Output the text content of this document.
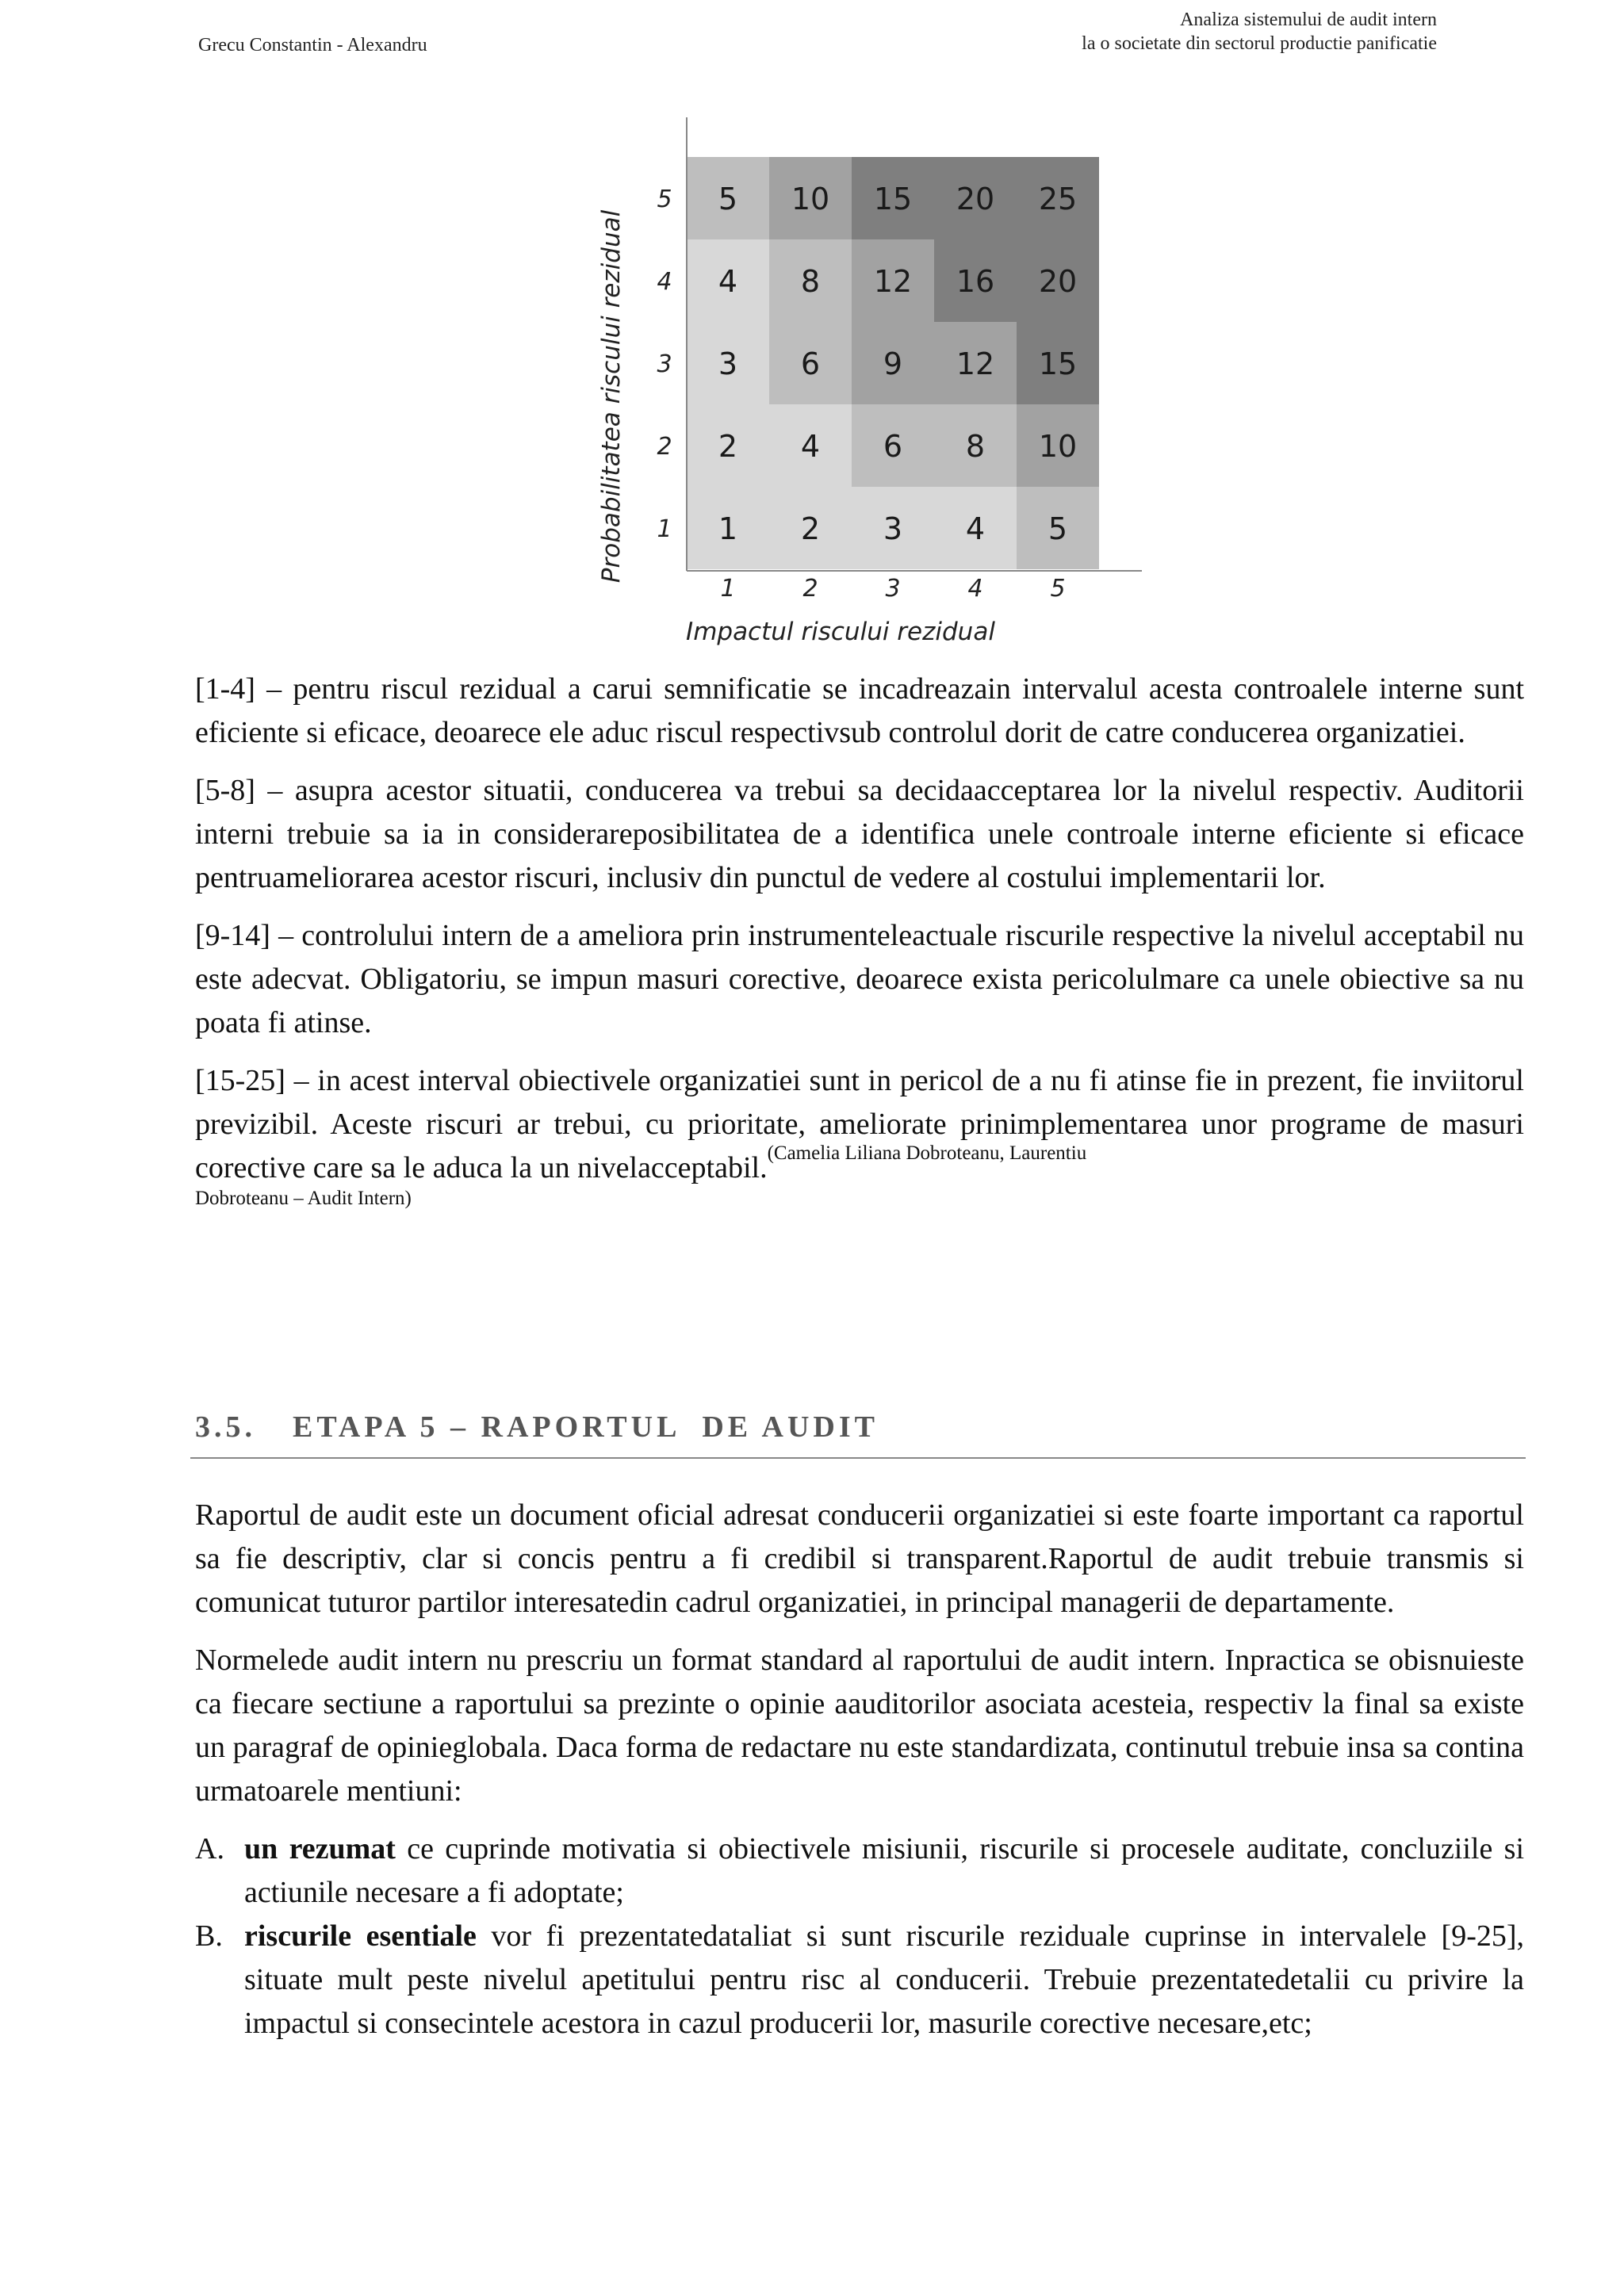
Grecu Constantin - Alexandru
Analiza sistemului de audit intern
la o societate din sectorul productie panificatie
5 10 15 20 25
4 8 12 16 20
3 6 9 12 15
2 4 6 8 10
1 2 3 4 5
5
4
3
2
1
1	2	3	4	5
Impactul riscului rezidual
Probabilitatea riscului rezidual

[1-4] – pentru riscul rezidual a carui semnificatie se incadreazain intervalul acesta controalele interne sunt eficiente si eficace, deoarece ele aduc riscul respectivsub controlul dorit de catre conducerea organizatiei.

[5-8] – asupra acestor situatii, conducerea va trebui sa decidaacceptarea lor la nivelul respectiv. Auditorii interni trebuie sa ia in considerareposibilitatea de a identifica unele controale interne eficiente si eficace pentruameliorarea acestor riscuri, inclusiv din punctul de vedere al costului implementarii lor.

[9-14] – controlului intern de a ameliora prin instrumenteleactuale riscurile respective la nivelul acceptabil nu este adecvat. Obligatoriu, se impun masuri corective, deoarece exista pericolulmare ca unele obiective sa nu poata fi atinse.

[15-25] – in acest interval obiectivele organizatiei sunt in pericol de a nu fi atinse fie in prezent, fie inviitorul previzibil. Aceste riscuri ar trebui, cu prioritate, ameliorate prinimplementarea unor programe de masuri corective care sa le aduca la un nivelacceptabil.$^{(Camelia Liliana Dobroteanu, Laurentiu}$

Dobroteanu – Audit Intern)
3.5. ETAPA 5 – RAPORTUL  DE AUDIT

Raportul de audit este un document oficial adresat conducerii organizatiei si este foarte important ca raportul sa fie descriptiv, clar si concis pentru a fi credibil si transparent.Raportul de audit trebuie transmis si comunicat tuturor partilor interesatedin cadrul organizatiei, in principal managerii de departamente.

Normelede audit intern nu prescriu un format standard al raportului de audit intern. Inpractica se obisnuieste ca fiecare sectiune a raportului sa prezinte o opinie aauditorilor asociata acesteia, respectiv la final sa existe un paragraf de opinieglobala. Daca forma de redactare nu este standardizata, continutul trebuie insa sa contina urmatoarele mentiuni:

A. un rezumat ce cuprinde motivatia si obiectivele misiunii, riscurile si procesele auditate, concluziile si actiunile necesare a fi adoptate;
B. riscurile esentiale vor fi prezentatedataliat si sunt riscurile reziduale cuprinse in intervalele [9-25], situate mult peste nivelul apetitului pentru risc al conducerii. Trebuie prezentatedetalii cu privire la impactul si consecintele acestora in cazul producerii lor, masurile corective necesare,etc;
